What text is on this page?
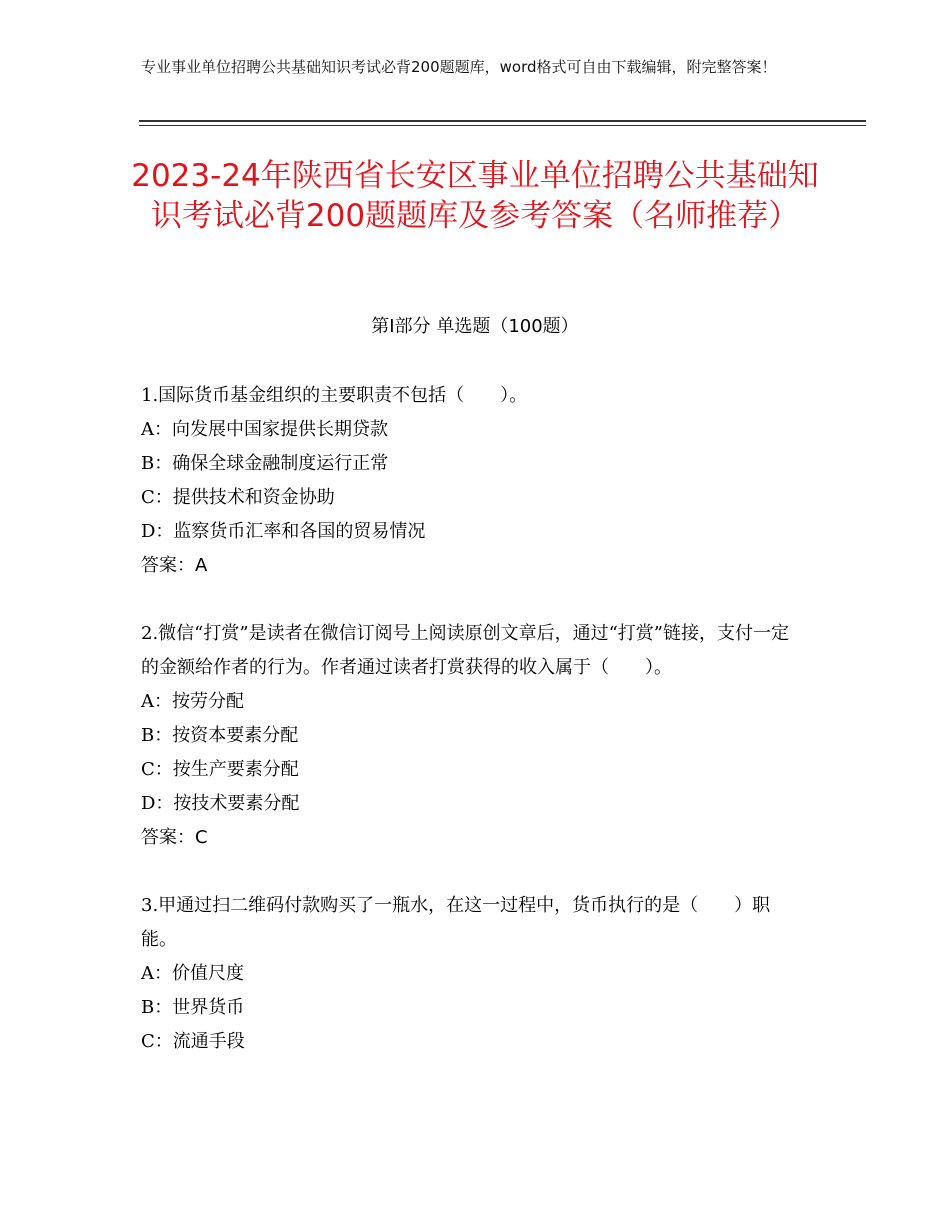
专业事业单位招聘公共基础知识考试必背200题题库，word格式可自由下载编辑，附完整答案！
2023-24年陕西省长安区事业单位招聘公共基础知识考试必背200题题库及参考答案（名师推荐）
第Ⅰ部分 单选题（100题）

1.国际货币基金组织的主要职责不包括（　　）。

A：向发展中国家提供长期贷款

B：确保全球金融制度运行正常

C：提供技术和资金协助

D：监察货币汇率和各国的贸易情况

答案：A

2.微信“打赏”是读者在微信订阅号上阅读原创文章后，通过“打赏”链接，支付一定的金额给作者的行为。作者通过读者打赏获得的收入属于（　　）。

A：按劳分配

B：按资本要素分配

C：按生产要素分配

D：按技术要素分配

答案：C

3.甲通过扫二维码付款购买了一瓶水，在这一过程中，货币执行的是（　　）职能。

A：价值尺度

B：世界货币

C：流通手段
